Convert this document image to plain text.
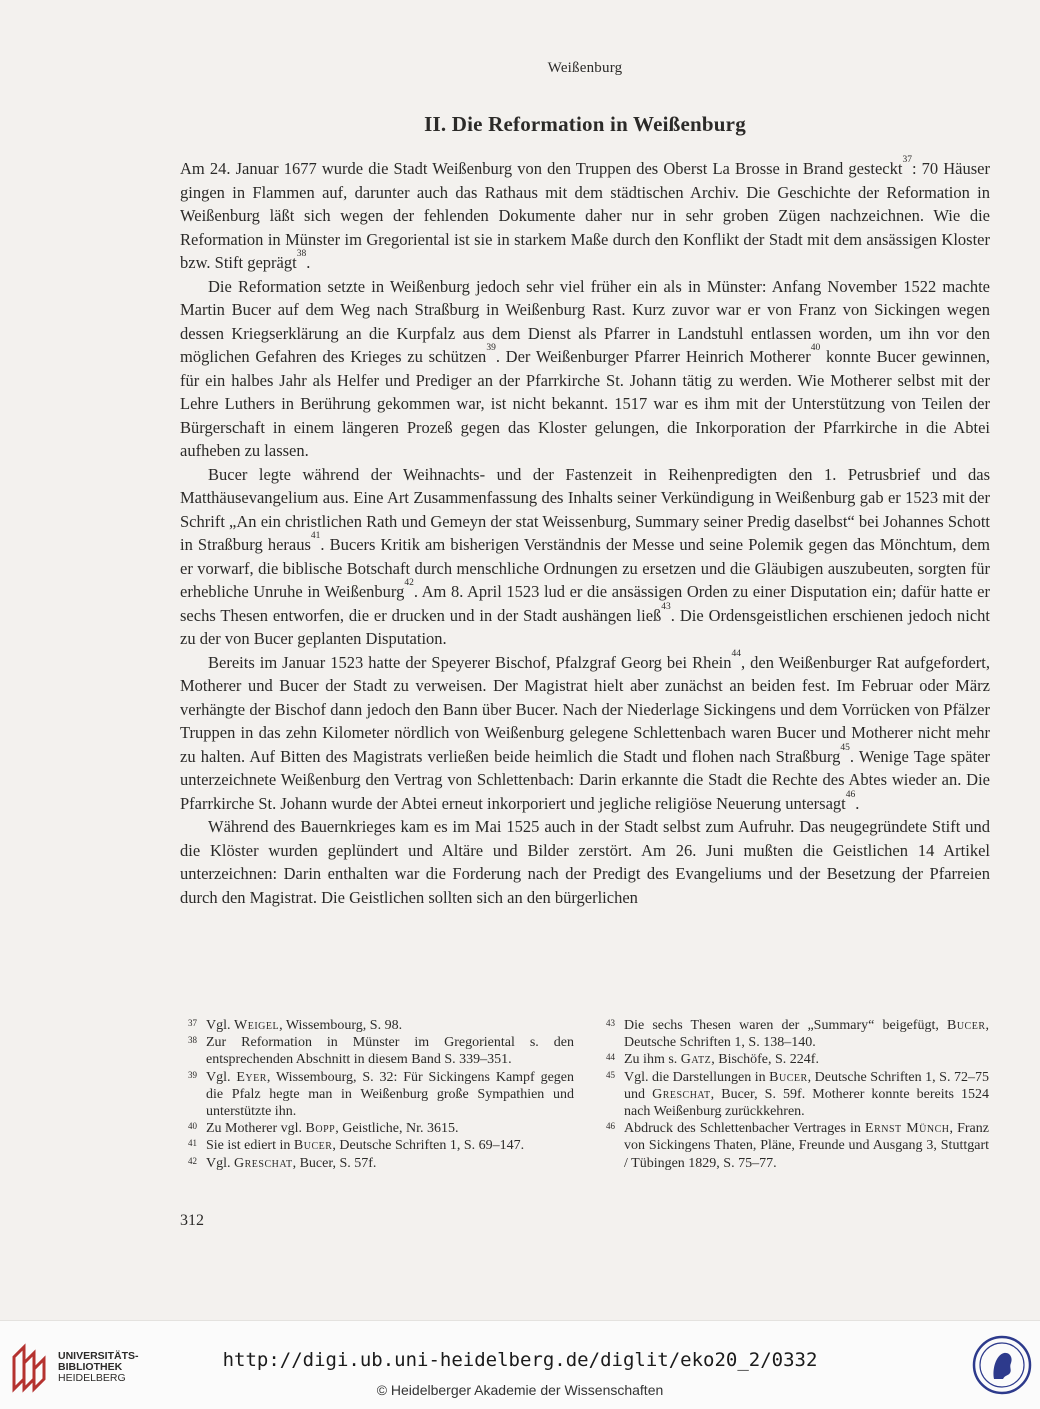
Weißenburg
II. Die Reformation in Weißenburg

Am 24. Januar 1677 wurde die Stadt Weißenburg von den Truppen des Oberst La Brosse in Brand gesteckt$^{37}$: 70 Häuser gingen in Flammen auf, darunter auch das Rathaus mit dem städtischen Archiv. Die Geschichte der Reformation in Weißenburg läßt sich wegen der fehlenden Dokumente daher nur in sehr groben Zügen nachzeichnen. Wie die Reformation in Münster im Gregoriental ist sie in starkem Maße durch den Konflikt der Stadt mit dem ansässigen Kloster bzw. Stift geprägt$^{38}$.

Die Reformation setzte in Weißenburg jedoch sehr viel früher ein als in Münster: Anfang November 1522 machte Martin Bucer auf dem Weg nach Straßburg in Weißenburg Rast. Kurz zuvor war er von Franz von Sickingen wegen dessen Kriegserklärung an die Kurpfalz aus dem Dienst als Pfarrer in Landstuhl entlassen worden, um ihn vor den möglichen Gefahren des Krieges zu schützen$^{39}$. Der Weißenburger Pfarrer Heinrich Motherer$^{40}$ konnte Bucer gewinnen, für ein halbes Jahr als Helfer und Prediger an der Pfarrkirche St. Johann tätig zu werden. Wie Motherer selbst mit der Lehre Luthers in Berührung gekommen war, ist nicht bekannt. 1517 war es ihm mit der Unterstützung von Teilen der Bürgerschaft in einem längeren Prozeß gegen das Kloster gelungen, die Inkorporation der Pfarrkirche in die Abtei aufheben zu lassen.

Bucer legte während der Weihnachts- und der Fastenzeit in Reihenpredigten den 1. Petrusbrief und das Matthäusevangelium aus. Eine Art Zusammenfassung des Inhalts seiner Verkündigung in Weißenburg gab er 1523 mit der Schrift „An ein christlichen Rath und Gemeyn der stat Weissenburg, Summary seiner Predig daselbst“ bei Johannes Schott in Straßburg heraus$^{41}$. Bucers Kritik am bisherigen Verständnis der Messe und seine Polemik gegen das Mönchtum, dem er vorwarf, die biblische Botschaft durch menschliche Ordnungen zu ersetzen und die Gläubigen auszubeuten, sorgten für erhebliche Unruhe in Weißenburg$^{42}$. Am 8. April 1523 lud er die ansässigen Orden zu einer Disputation ein; dafür hatte er sechs Thesen entworfen, die er drucken und in der Stadt aushängen ließ$^{43}$. Die Ordensgeistlichen erschienen jedoch nicht zu der von Bucer geplanten Disputation.

Bereits im Januar 1523 hatte der Speyerer Bischof, Pfalzgraf Georg bei Rhein$^{44}$, den Weißenburger Rat aufgefordert, Motherer und Bucer der Stadt zu verweisen. Der Magistrat hielt aber zunächst an beiden fest. Im Februar oder März verhängte der Bischof dann jedoch den Bann über Bucer. Nach der Niederlage Sickingens und dem Vorrücken von Pfälzer Truppen in das zehn Kilometer nördlich von Weißenburg gelegene Schlettenbach waren Bucer und Motherer nicht mehr zu halten. Auf Bitten des Magistrats verließen beide heimlich die Stadt und flohen nach Straßburg$^{45}$. Wenige Tage später unterzeichnete Weißenburg den Vertrag von Schlettenbach: Darin erkannte die Stadt die Rechte des Abtes wieder an. Die Pfarrkirche St. Johann wurde der Abtei erneut inkorporiert und jegliche religiöse Neuerung untersagt$^{46}$.

Während des Bauernkrieges kam es im Mai 1525 auch in der Stadt selbst zum Aufruhr. Das neugegründete Stift und die Klöster wurden geplündert und Altäre und Bilder zerstört. Am 26. Juni mußten die Geistlichen 14 Artikel unterzeichnen: Darin enthalten war die Forderung nach der Predigt des Evangeliums und der Besetzung der Pfarreien durch den Magistrat. Die Geistlichen sollten sich an den bürgerlichen

37 Vgl. Weigel, Wissembourg, S. 98.
38 Zur Reformation in Münster im Gregoriental s. den entsprechenden Abschnitt in diesem Band S. 339–351.
39 Vgl. Eyer, Wissembourg, S. 32: Für Sickingens Kampf gegen die Pfalz hegte man in Weißenburg große Sympathien und unterstützte ihn.
40 Zu Motherer vgl. Bopp, Geistliche, Nr. 3615.
41 Sie ist ediert in Bucer, Deutsche Schriften 1, S. 69–147.
42 Vgl. Greschat, Bucer, S. 57f.
43 Die sechs Thesen waren der „Summary“ beigefügt, Bucer, Deutsche Schriften 1, S. 138–140.
44 Zu ihm s. Gatz, Bischöfe, S. 224f.
45 Vgl. die Darstellungen in Bucer, Deutsche Schriften 1, S. 72–75 und Greschat, Bucer, S. 59f. Motherer konnte bereits 1524 nach Weißenburg zurückkehren.
46 Abdruck des Schlettenbacher Vertrages in Ernst Münch, Franz von Sickingens Thaten, Pläne, Freunde und Ausgang 3, Stuttgart / Tübingen 1829, S. 75–77.
312
UNIVERSITÄTS-
BIBLIOTHEK
HEIDELBERG
http://digi.ub.uni-heidelberg.de/diglit/eko20_2/0332
© Heidelberger Akademie der Wissenschaften
